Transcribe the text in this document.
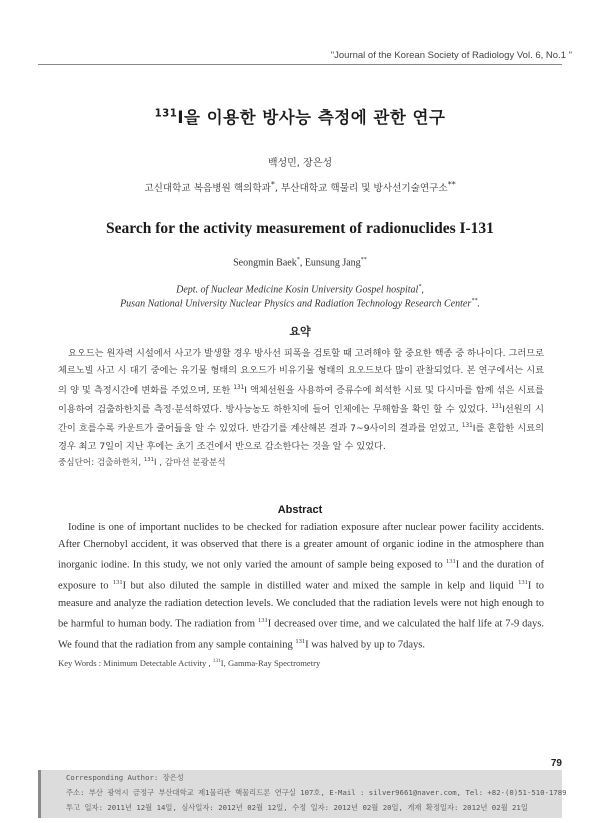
"Journal of the Korean Society of Radiology Vol. 6, No.1 "
$^{131}$I을 이용한 방사능 측정에 관한 연구
백성민, 장은성
고신대학교 복음병원 핵의학과*, 부산대학교 핵물리 및 방사선기술연구소**
Search for the activity measurement of radionuclides I-131
Seongmin Baek*, Eunsung Jang**
Dept. of Nuclear Medicine Kosin University Gospel hospital*,
Pusan National University Nuclear Physics and Radiation Technology Research Center**.
요약

요오드는 원자력 시설에서 사고가 발생할 경우 방사선 피폭을 검토할 때 고려해야 할 중요한 핵종 중 하나이다. 그러므로 체르노빌 사고 시 대기 중에는 유기물 형태의 요오드가 비유기물 형태의 요오드보다 많이 관찰되었다. 본 연구에서는 시료의 양 및 측정시간에 변화를 주었으며, 또한 $^{131}$I 액체선원을 사용하여 증류수에 희석한 시료 및 다시마를 함께 섞은 시료를 이용하여 검출하한치를 측정·분석하였다. 방사능농도 하한치에 들어 인체에는 무해함을 확인 할 수 있었다. $^{131}$I선원의 시간이 흐를수록 카운트가 줄어듦을 알 수 있었다. 반감기를 계산해본 결과 7~9사이의 결과를 얻었고, $^{131}$I를 혼합한 시료의 경우 최고 7일이 지난 후에는 초기 조건에서 반으로 감소한다는 것을 알 수 있었다.

중심단어: 검출하한치, $^{131}$I , 감마선 분광분석
Abstract

Iodine is one of important nuclides to be checked for radiation exposure after nuclear power facility accidents. After Chernobyl accident, it was observed that there is a greater amount of organic iodine in the atmosphere than inorganic iodine. In this study, we not only varied the amount of sample being exposed to $^{131}$I and the duration of exposure to $^{131}$I but also diluted the sample in distilled water and mixed the sample in kelp and liquid $^{131}$I to measure and analyze the radiation detection levels. We concluded that the radiation levels were not high enough to be harmful to human body. The radiation from $^{131}$I decreased over time, and we calculated the half life at 7-9 days. We found that the radiation from any sample containing $^{131}$I was halved by up to 7days.

Key Words : Minimum Detectable Activity , $^{131}$I, Gamma-Ray Spectrometry
79
Corresponding Author: 장은성
주소: 부산 광역시 금정구 부산대학교 제1물리관 핵물리드론 연구실 107호, E-Mail : silver9661@naver.com, Tel: +82-(0)51-510-1789
투고 일자: 2011년 12월 14일, 심사일자: 2012년 02월 12일, 수정 일자: 2012년 02월 20일, 게재 확정일자: 2012년 02월 21일
